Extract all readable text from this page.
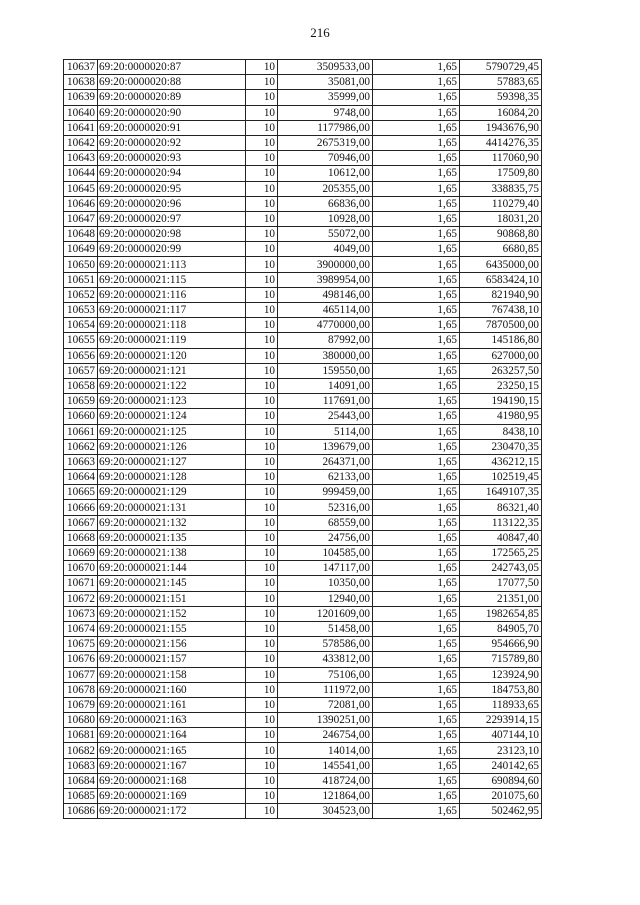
216
10637	69:20:0000020:87	10	3509533,00	1,65	5790729,45
10638	69:20:0000020:88	10	35081,00	1,65	57883,65
10639	69:20:0000020:89	10	35999,00	1,65	59398,35
10640	69:20:0000020:90	10	9748,00	1,65	16084,20
10641	69:20:0000020:91	10	1177986,00	1,65	1943676,90
10642	69:20:0000020:92	10	2675319,00	1,65	4414276,35
10643	69:20:0000020:93	10	70946,00	1,65	117060,90
10644	69:20:0000020:94	10	10612,00	1,65	17509,80
10645	69:20:0000020:95	10	205355,00	1,65	338835,75
10646	69:20:0000020:96	10	66836,00	1,65	110279,40
10647	69:20:0000020:97	10	10928,00	1,65	18031,20
10648	69:20:0000020:98	10	55072,00	1,65	90868,80
10649	69:20:0000020:99	10	4049,00	1,65	6680,85
10650	69:20:0000021:113	10	3900000,00	1,65	6435000,00
10651	69:20:0000021:115	10	3989954,00	1,65	6583424,10
10652	69:20:0000021:116	10	498146,00	1,65	821940,90
10653	69:20:0000021:117	10	465114,00	1,65	767438,10
10654	69:20:0000021:118	10	4770000,00	1,65	7870500,00
10655	69:20:0000021:119	10	87992,00	1,65	145186,80
10656	69:20:0000021:120	10	380000,00	1,65	627000,00
10657	69:20:0000021:121	10	159550,00	1,65	263257,50
10658	69:20:0000021:122	10	14091,00	1,65	23250,15
10659	69:20:0000021:123	10	117691,00	1,65	194190,15
10660	69:20:0000021:124	10	25443,00	1,65	41980,95
10661	69:20:0000021:125	10	5114,00	1,65	8438,10
10662	69:20:0000021:126	10	139679,00	1,65	230470,35
10663	69:20:0000021:127	10	264371,00	1,65	436212,15
10664	69:20:0000021:128	10	62133,00	1,65	102519,45
10665	69:20:0000021:129	10	999459,00	1,65	1649107,35
10666	69:20:0000021:131	10	52316,00	1,65	86321,40
10667	69:20:0000021:132	10	68559,00	1,65	113122,35
10668	69:20:0000021:135	10	24756,00	1,65	40847,40
10669	69:20:0000021:138	10	104585,00	1,65	172565,25
10670	69:20:0000021:144	10	147117,00	1,65	242743,05
10671	69:20:0000021:145	10	10350,00	1,65	17077,50
10672	69:20:0000021:151	10	12940,00	1,65	21351,00
10673	69:20:0000021:152	10	1201609,00	1,65	1982654,85
10674	69:20:0000021:155	10	51458,00	1,65	84905,70
10675	69:20:0000021:156	10	578586,00	1,65	954666,90
10676	69:20:0000021:157	10	433812,00	1,65	715789,80
10677	69:20:0000021:158	10	75106,00	1,65	123924,90
10678	69:20:0000021:160	10	111972,00	1,65	184753,80
10679	69:20:0000021:161	10	72081,00	1,65	118933,65
10680	69:20:0000021:163	10	1390251,00	1,65	2293914,15
10681	69:20:0000021:164	10	246754,00	1,65	407144,10
10682	69:20:0000021:165	10	14014,00	1,65	23123,10
10683	69:20:0000021:167	10	145541,00	1,65	240142,65
10684	69:20:0000021:168	10	418724,00	1,65	690894,60
10685	69:20:0000021:169	10	121864,00	1,65	201075,60
10686	69:20:0000021:172	10	304523,00	1,65	502462,95
